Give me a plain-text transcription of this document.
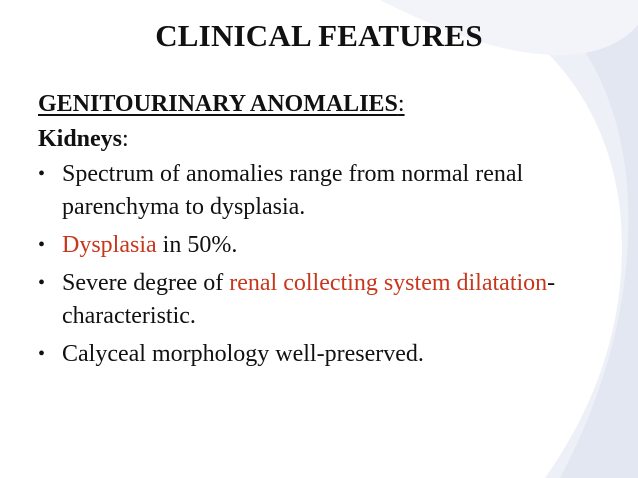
CLINICAL FEATURES

GENITOURINARY ANOMALIES:

Kidneys:

• Spectrum of anomalies range from normal renal parenchyma to dysplasia.
• Dysplasia in 50%.
• Severe degree of renal collecting system dilatation- characteristic.
• Calyceal morphology well-preserved.
